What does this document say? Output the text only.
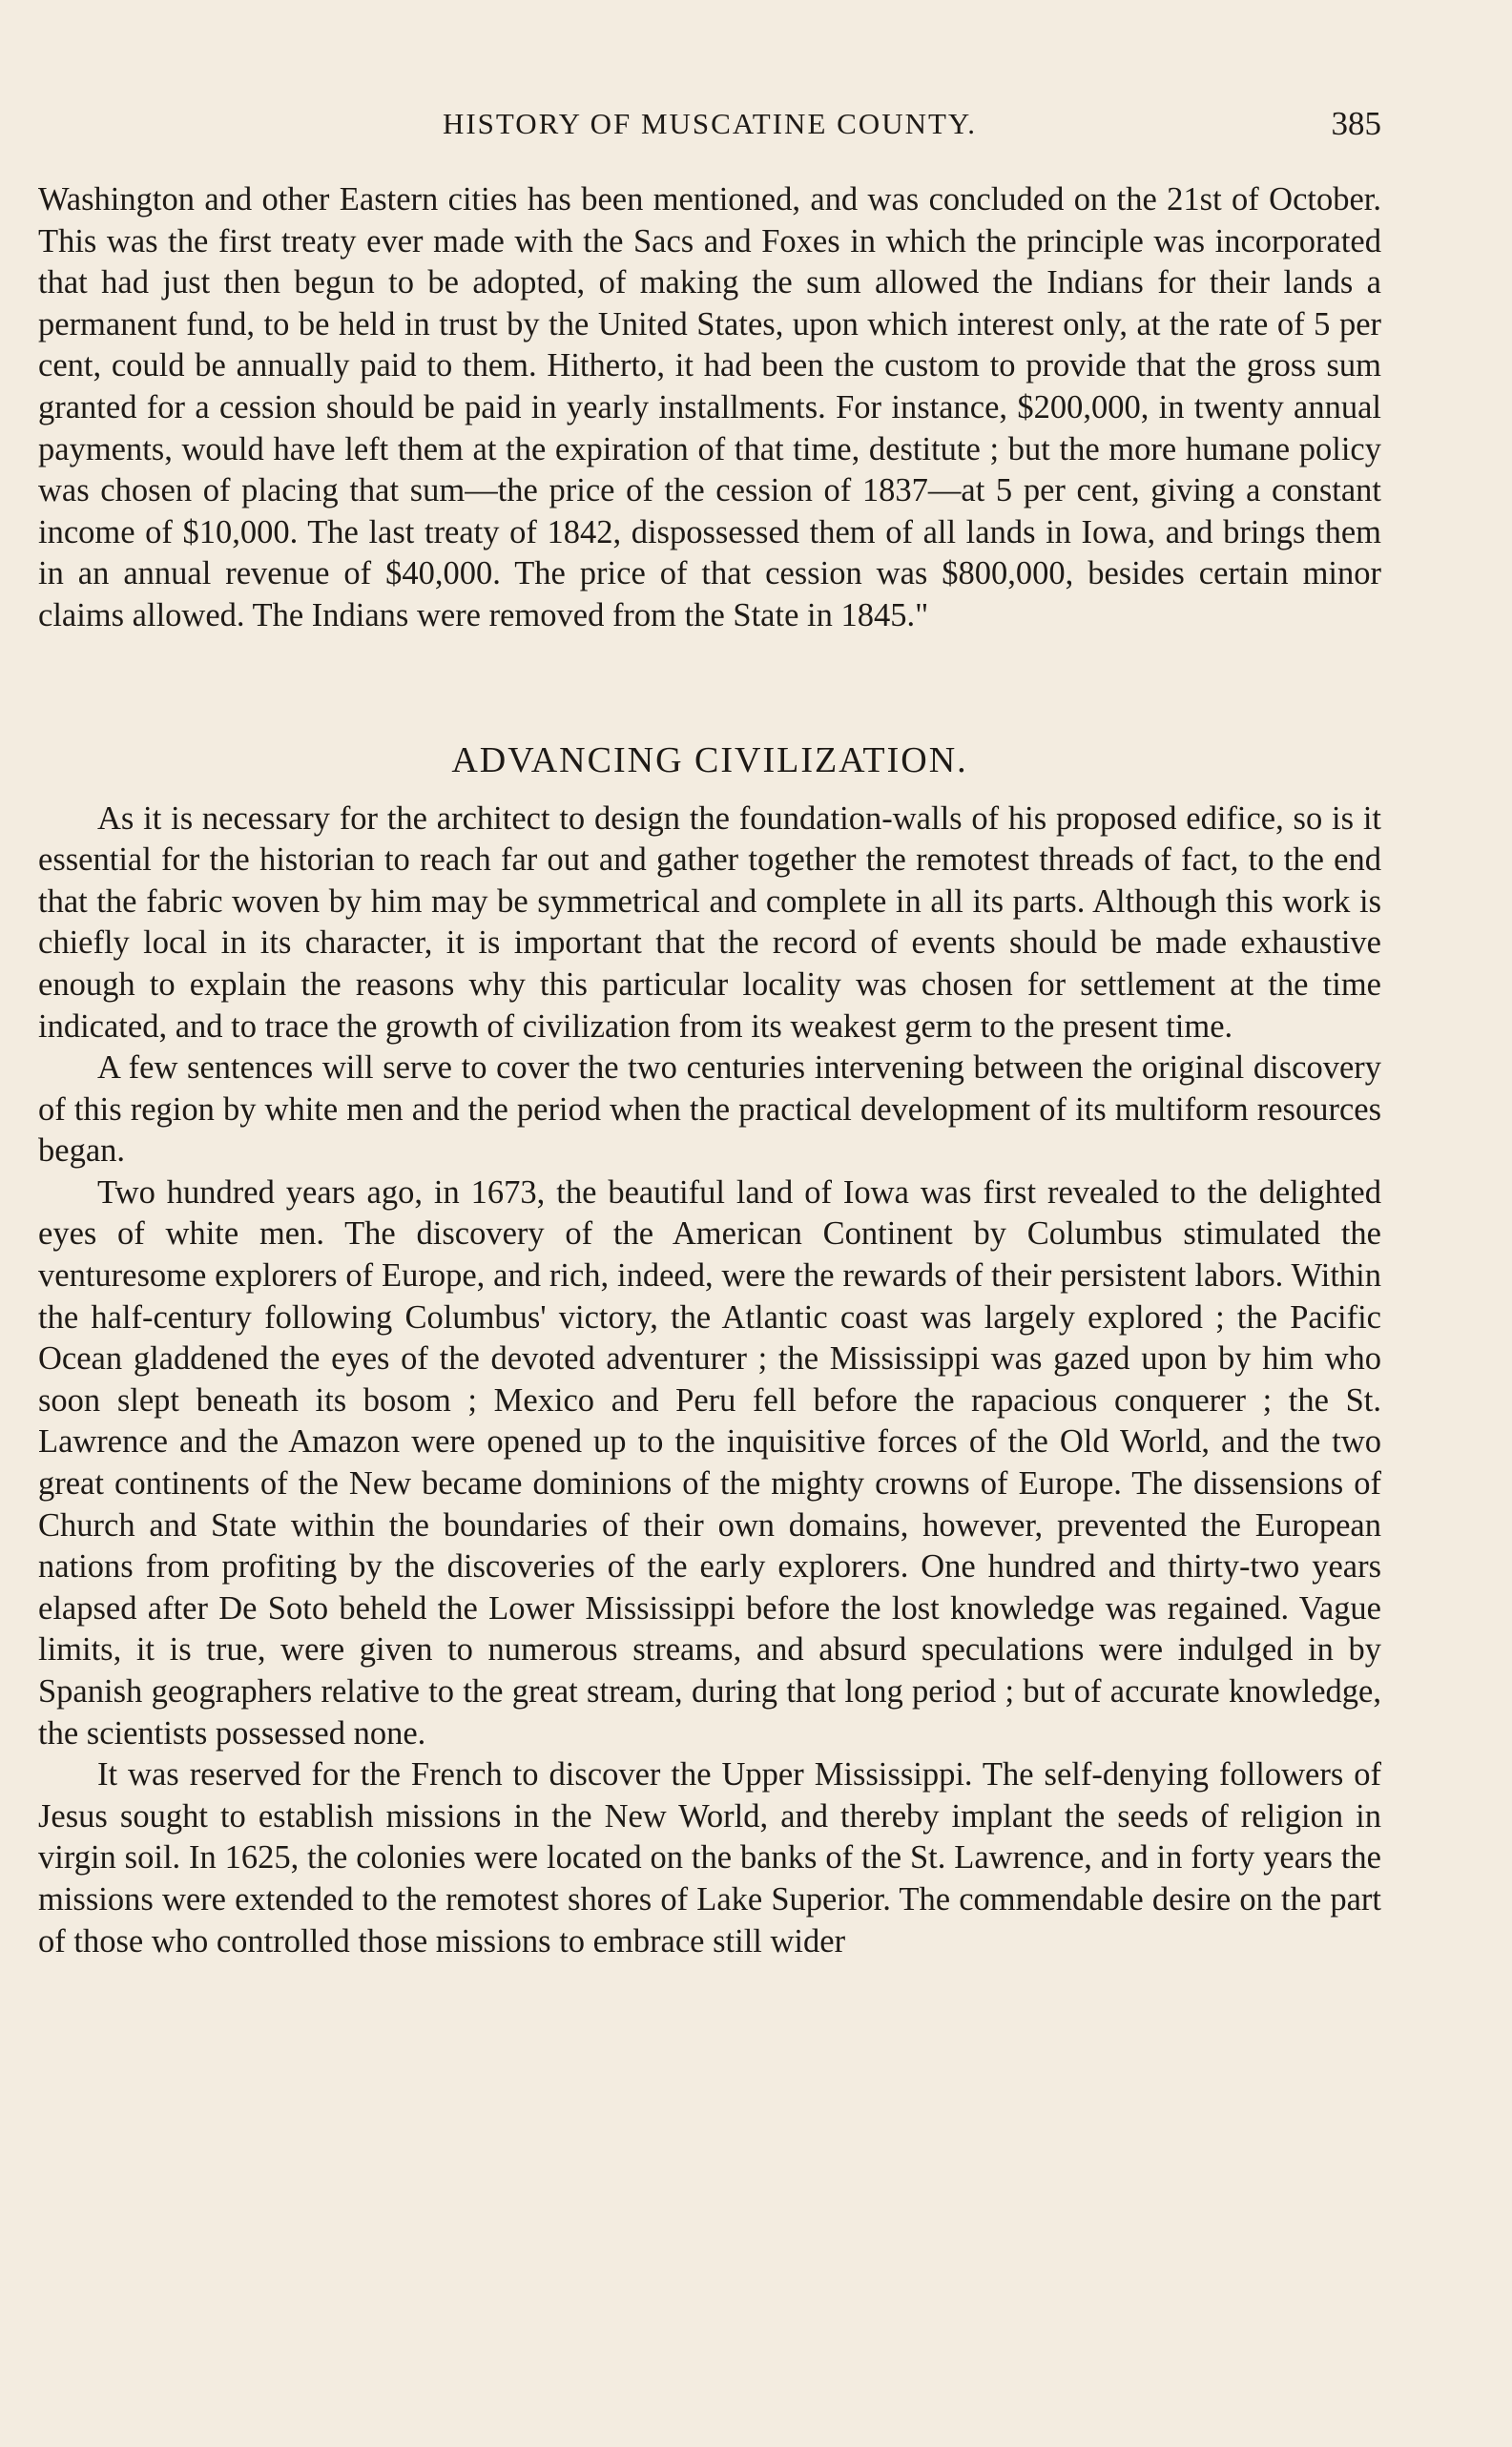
HISTORY OF MUSCATINE COUNTY.	385

Washington and other Eastern cities has been mentioned, and was concluded on the 21st of October. This was the first treaty ever made with the Sacs and Foxes in which the principle was incorporated that had just then begun to be adopted, of making the sum allowed the Indians for their lands a permanent fund, to be held in trust by the United States, upon which interest only, at the rate of 5 per cent, could be annually paid to them. Hitherto, it had been the custom to provide that the gross sum granted for a cession should be paid in yearly installments. For instance, $200,000, in twenty annual payments, would have left them at the expiration of that time, destitute ; but the more humane policy was chosen of placing that sum—the price of the cession of 1837—at 5 per cent, giving a constant income of $10,000. The last treaty of 1842, dispossessed them of all lands in Iowa, and brings them in an annual revenue of $40,000. The price of that cession was $800,000, besides certain minor claims allowed. The Indians were removed from the State in 1845."

ADVANCING CIVILIZATION.

As it is necessary for the architect to design the foundation-walls of his proposed edifice, so is it essential for the historian to reach far out and gather together the remotest threads of fact, to the end that the fabric woven by him may be symmetrical and complete in all its parts. Although this work is chiefly local in its character, it is important that the record of events should be made exhaustive enough to explain the reasons why this particular locality was chosen for settlement at the time indicated, and to trace the growth of civilization from its weakest germ to the present time.

A few sentences will serve to cover the two centuries intervening between the original discovery of this region by white men and the period when the practical development of its multiform resources began.

Two hundred years ago, in 1673, the beautiful land of Iowa was first revealed to the delighted eyes of white men. The discovery of the American Continent by Columbus stimulated the venturesome explorers of Europe, and rich, indeed, were the rewards of their persistent labors. Within the half-century following Columbus' victory, the Atlantic coast was largely explored ; the Pacific Ocean gladdened the eyes of the devoted adventurer ; the Mississippi was gazed upon by him who soon slept beneath its bosom ; Mexico and Peru fell before the rapacious conquerer ; the St. Lawrence and the Amazon were opened up to the inquisitive forces of the Old World, and the two great continents of the New became dominions of the mighty crowns of Europe. The dissensions of Church and State within the boundaries of their own domains, however, prevented the European nations from profiting by the discoveries of the early explorers. One hundred and thirty-two years elapsed after De Soto beheld the Lower Mississippi before the lost knowledge was regained. Vague limits, it is true, were given to numerous streams, and absurd speculations were indulged in by Spanish geographers relative to the great stream, during that long period ; but of accurate knowledge, the scientists possessed none.

It was reserved for the French to discover the Upper Mississippi. The self-denying followers of Jesus sought to establish missions in the New World, and thereby implant the seeds of religion in virgin soil. In 1625, the colonies were located on the banks of the St. Lawrence, and in forty years the missions were extended to the remotest shores of Lake Superior. The commendable desire on the part of those who controlled those missions to embrace still wider
